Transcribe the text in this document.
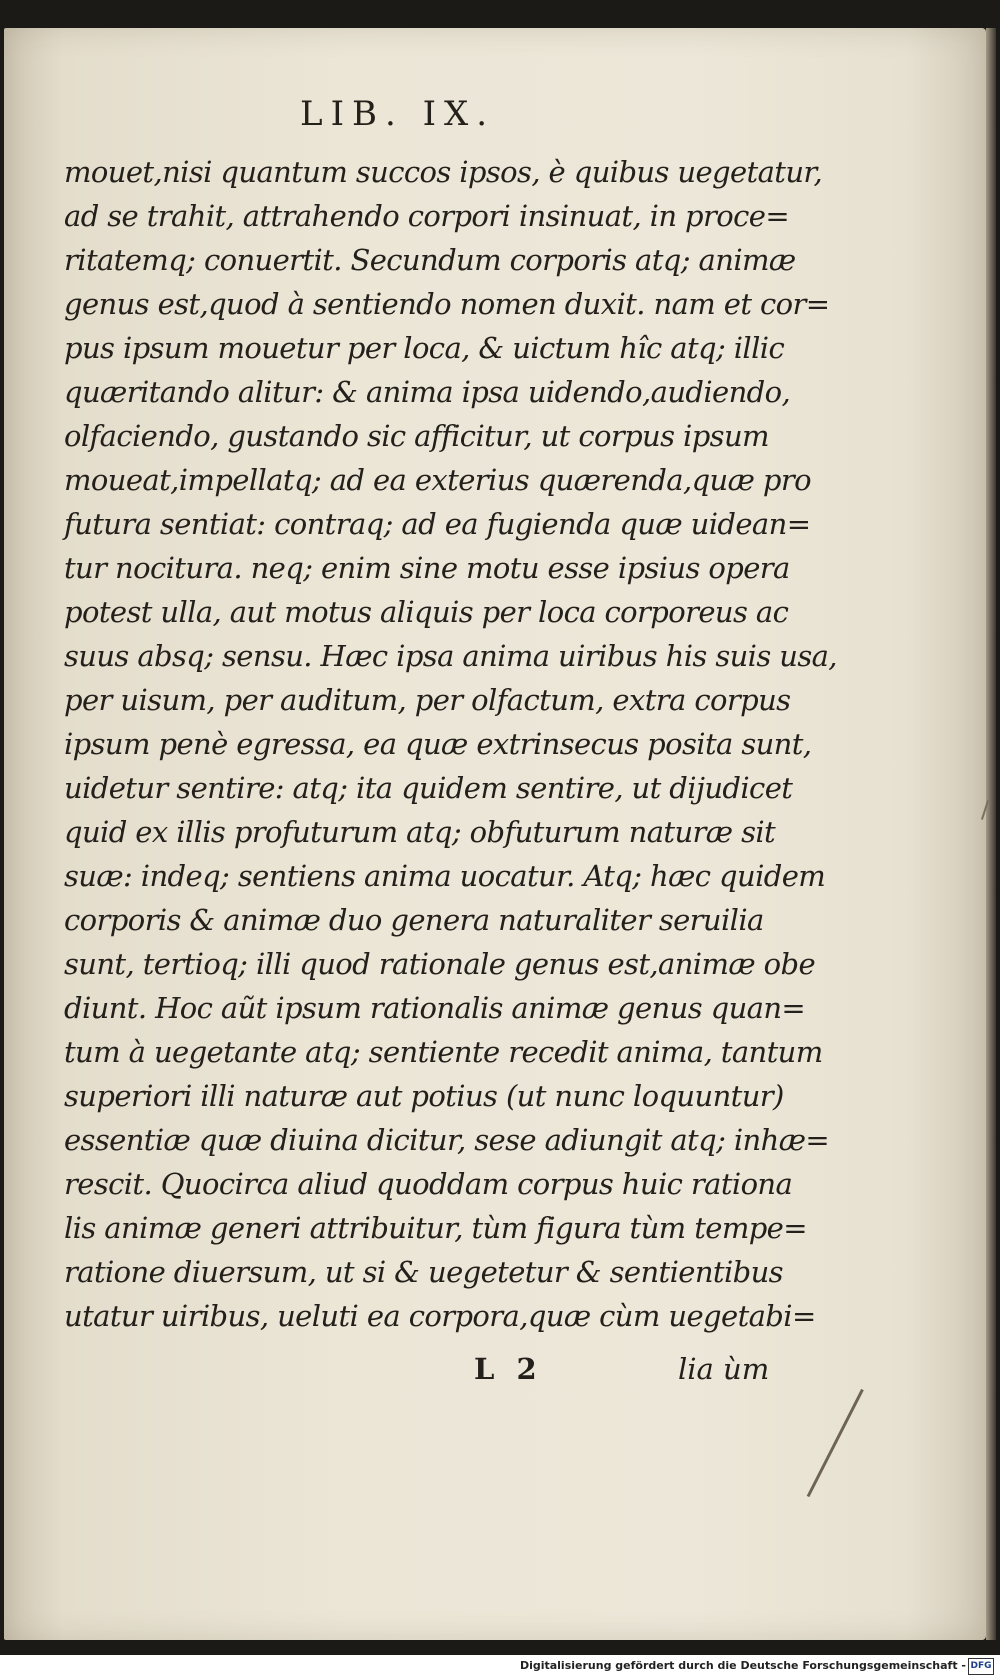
LIB. IX.
mouet,nisi quantum succos ipsos, è quibus uegetatur,
ad se trahit, attrahendo corpori insinuat, in proce=
ritatemq; conuertit. Secundum corporis atq; animæ
genus est,quod à sentiendo nomen duxit. nam et cor=
pus ipsum mouetur per loca, & uictum hîc atq; illic
quæritando alitur: & anima ipsa uidendo,audiendo,
olfaciendo, gustando sic afficitur, ut corpus ipsum
moueat,impellatq; ad ea exterius quærenda,quæ pro
futura sentiat: contraq; ad ea fugienda quæ uidean=
tur nocitura. neq; enim sine motu esse ipsius opera
potest ulla, aut motus aliquis per loca corporeus ac
suus absq; sensu. Hæc ipsa anima uiribus his suis usa,
per uisum, per auditum, per olfactum, extra corpus
ipsum penè egressa, ea quæ extrinsecus posita sunt,
uidetur sentire: atq; ita quidem sentire, ut dijudicet
quid ex illis profuturum atq; obfuturum naturæ sit
suæ: indeq; sentiens anima uocatur. Atq; hæc quidem
corporis & animæ duo genera naturaliter seruilia
sunt, tertioq; illi quod rationale genus est,animæ obe
diunt. Hoc aũt ipsum rationalis animæ genus quan=
tum à uegetante atq; sentiente recedit anima, tantum
superiori illi naturæ aut potius (ut nunc loquuntur)
essentiæ quæ diuina dicitur, sese adiungit atq; inhæ=
rescit. Quocirca aliud quoddam corpus huic rationa
lis animæ generi attribuitur, tùm figura tùm tempe=
ratione diuersum, ut si & uegetetur & sentientibus
utatur uiribus, ueluti ea corpora,quæ cùm uegetabi=
L 2	lia ùm
Digitalisierung gefördert durch die Deutsche Forschungsgemeinschaft - DFG
